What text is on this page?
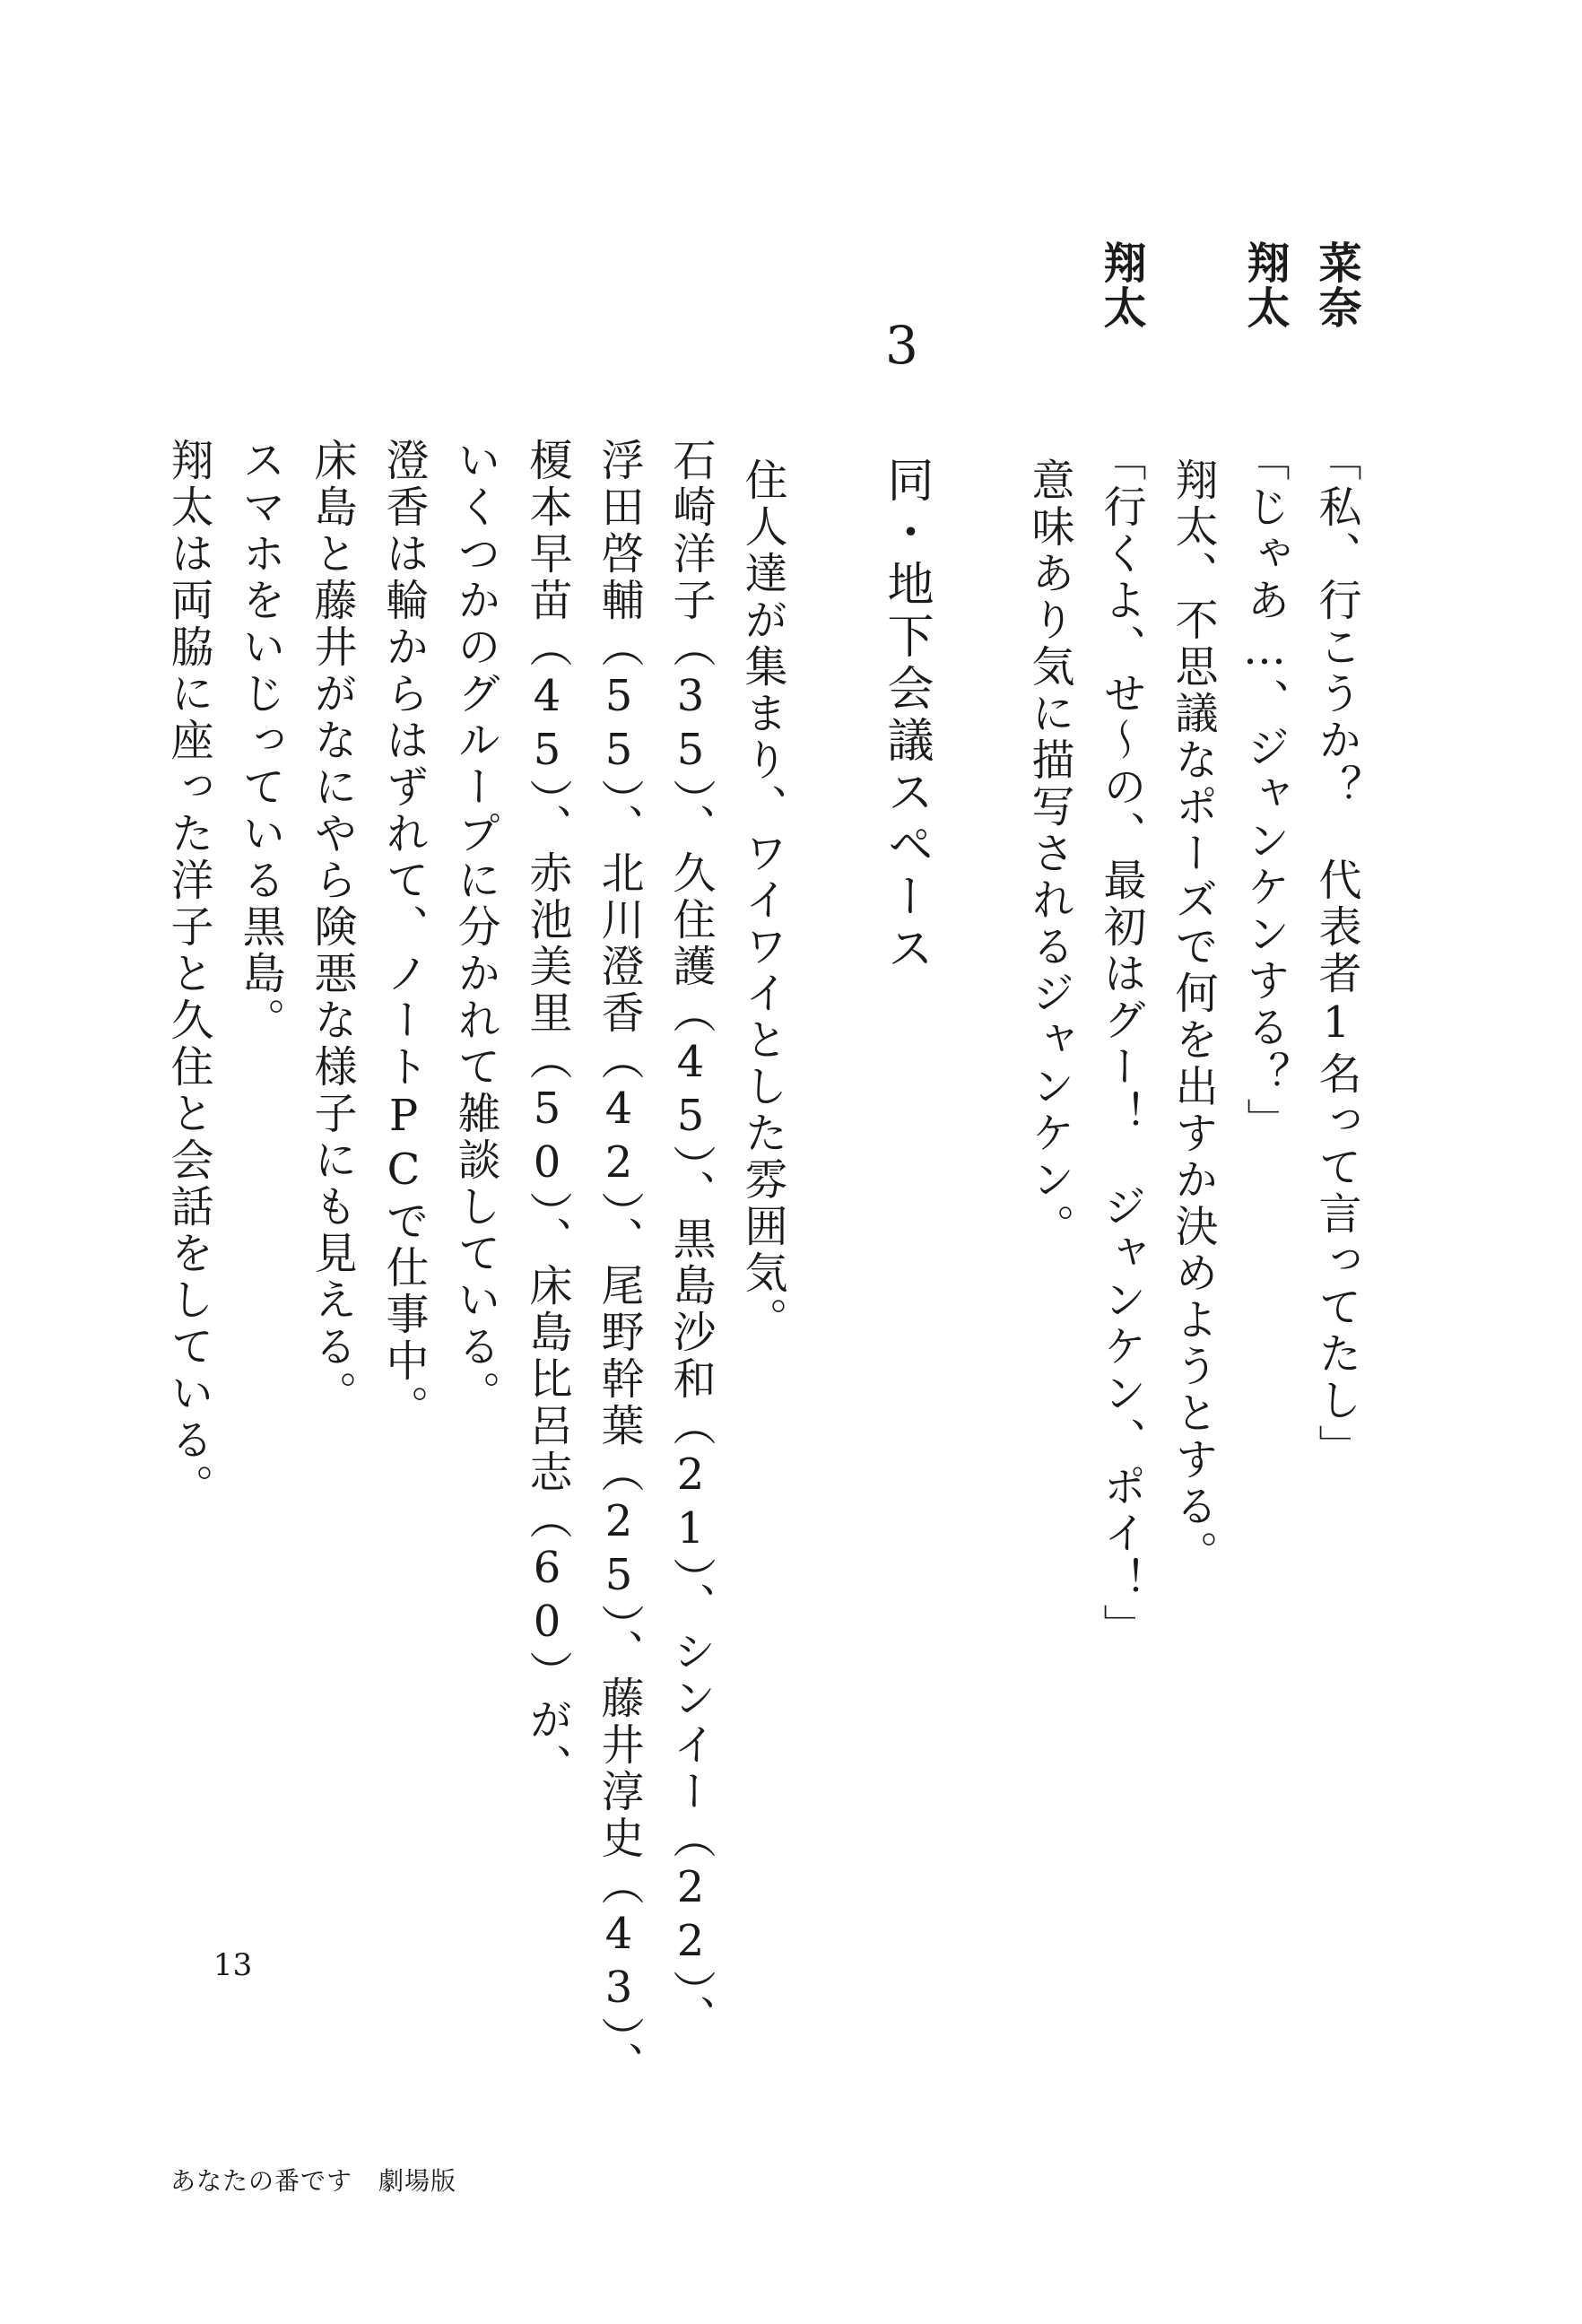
菜奈
「私、行こうか？　代表者1名って言ってたし」
翔太
「じゃあ…、ジャンケンする？」
翔太、不思議なポーズで何を出すか決めようとする。
翔太
「行くよ、せ〜の、最初はグー！　ジャンケン、ポイ！」
意味あり気に描写されるジャンケン。
3
同・地下会議スペース
住人達が集まり、ワイワイとした雰囲気。
石崎洋子（35）、久住護（45）、黒島沙和（21）、シンイー（22）、
浮田啓輔（55）、北川澄香（42）、尾野幹葉（25）、藤井淳史（43）、
榎本早苗（45）、赤池美里（50）、床島比呂志（60）が、
いくつかのグループに分かれて雑談している。
澄香は輪からはずれて、ノートPCで仕事中。
床島と藤井がなにやら険悪な様子にも見える。
スマホをいじっている黒島。
翔太は両脇に座った洋子と久住と会話をしている。
13
あなたの番です　劇場版
